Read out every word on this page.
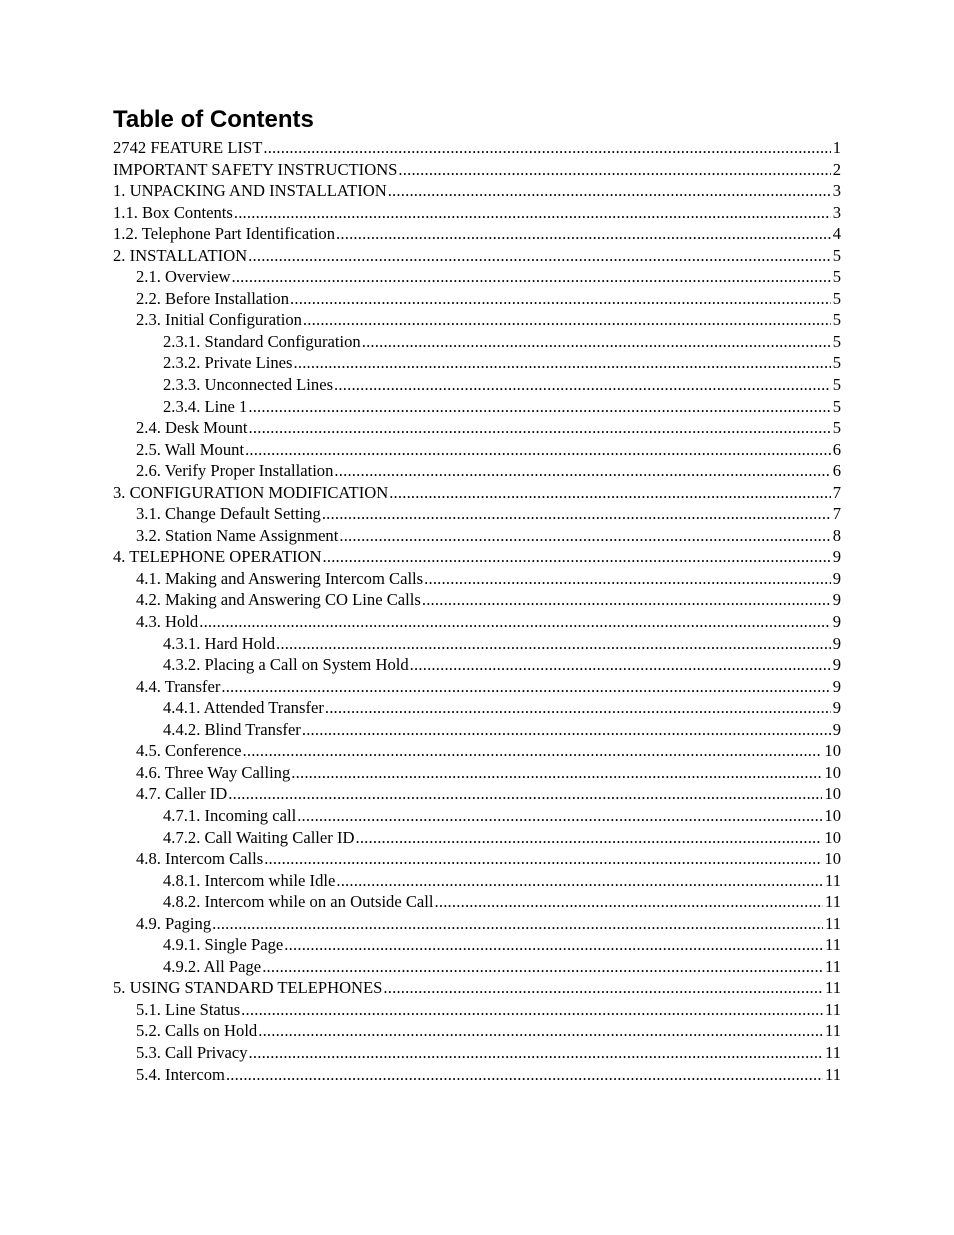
Table of Contents
2742 FEATURE LIST .....	1
IMPORTANT SAFETY INSTRUCTIONS .....	2
1. UNPACKING AND INSTALLATION .....	3
1.1. Box Contents .....	3
1.2. Telephone Part Identification .....	4
2. INSTALLATION .....	5
2.1. Overview .....	5
2.2. Before Installation .....	5
2.3. Initial Configuration .....	5
2.3.1. Standard Configuration .....	5
2.3.2. Private Lines .....	5
2.3.3. Unconnected Lines .....	5
2.3.4. Line 1 .....	5
2.4. Desk Mount .....	5
2.5. Wall Mount .....	6
2.6. Verify Proper Installation .....	6
3. CONFIGURATION MODIFICATION .....	7
3.1. Change Default Setting .....	7
3.2. Station Name Assignment .....	8
4. TELEPHONE OPERATION .....	9
4.1. Making and Answering Intercom Calls .....	9
4.2. Making and Answering CO Line Calls .....	9
4.3. Hold .....	9
4.3.1. Hard Hold .....	9
4.3.2. Placing a Call on System Hold .....	9
4.4. Transfer .....	9
4.4.1. Attended Transfer .....	9
4.4.2. Blind Transfer .....	9
4.5. Conference .....	10
4.6. Three Way Calling .....	10
4.7. Caller ID .....	10
4.7.1. Incoming call .....	10
4.7.2. Call Waiting Caller ID .....	10
4.8. Intercom Calls .....	10
4.8.1. Intercom while Idle .....	11
4.8.2. Intercom while on an Outside Call .....	11
4.9. Paging .....	11
4.9.1. Single Page .....	11
4.9.2. All Page .....	11
5. USING STANDARD TELEPHONES .....	11
5.1. Line Status .....	11
5.2. Calls on Hold .....	11
5.3. Call Privacy .....	11
5.4. Intercom .....	11
